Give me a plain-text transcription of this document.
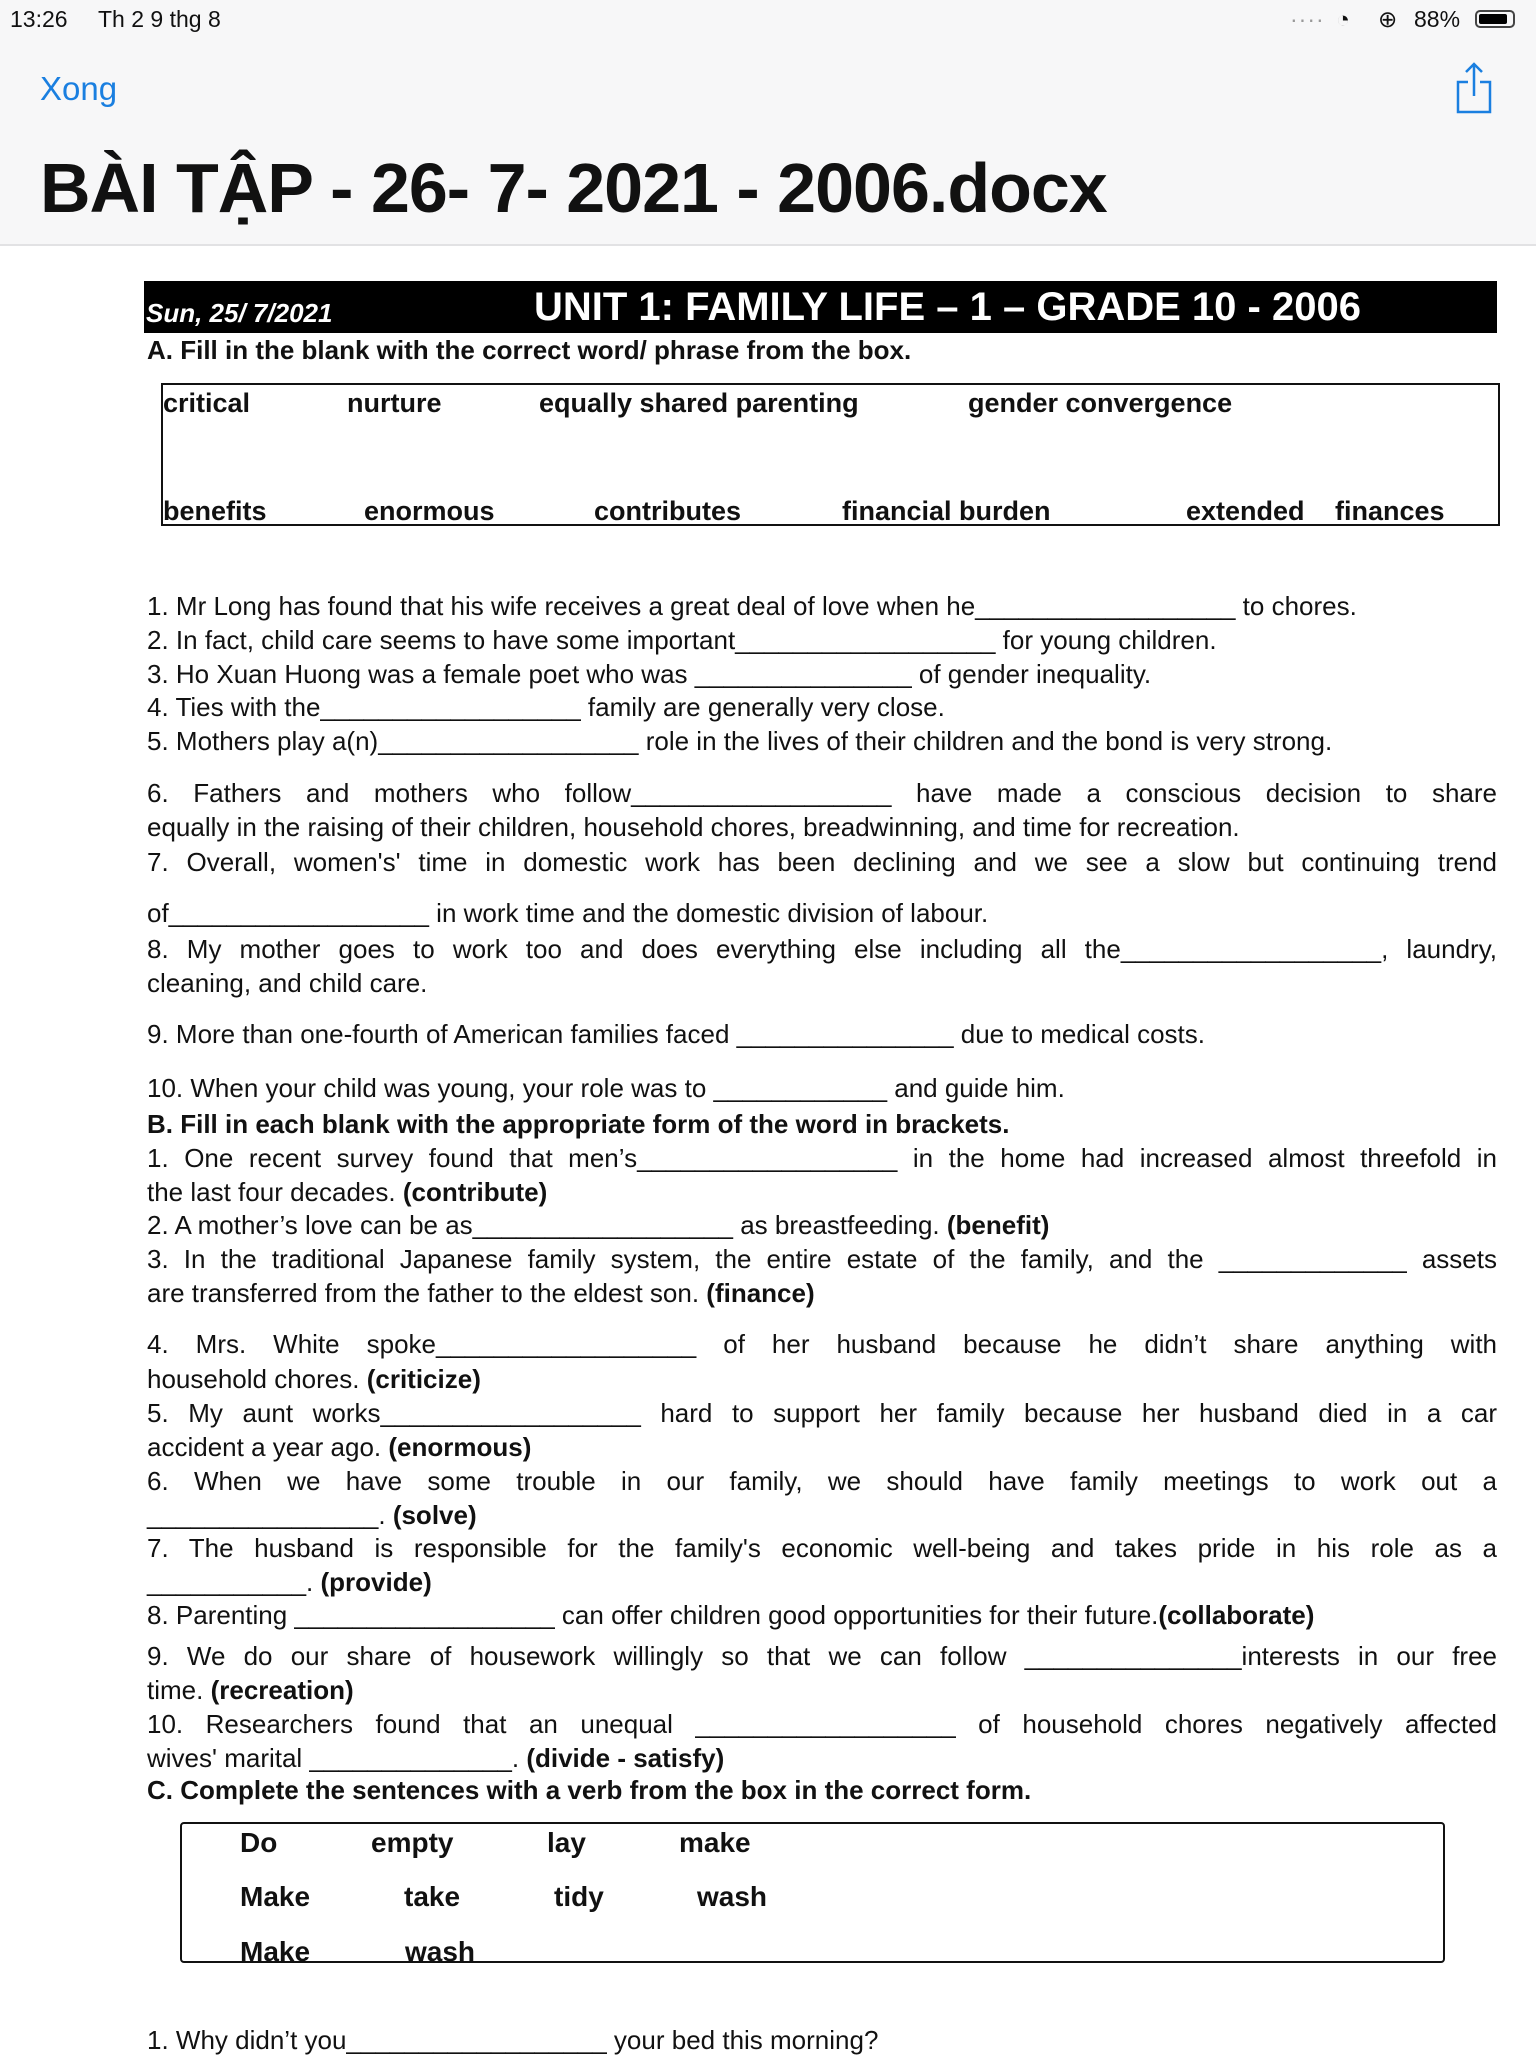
13:26 Th 2 9 thg 8	···· ◔ ⊕ 88%
Xong
BÀI TẬP - 26- 7- 2021 - 2006.docx
Sun, 25/ 7/2021	UNIT 1: FAMILY LIFE – 1 – GRADE 10 - 2006
critical	nurture	equally shared parenting	gender convergence
benefits	enormous	contributes	financial burden	extended finances
Do	empty	lay	make
Make	take	tidy	wash
Make	wash
A. Fill in the blank with the correct word/ phrase from the box.
1. Mr Long has found that his wife receives a great deal of love when he__________________ to chores.
2. In fact, child care seems to have some important__________________ for young children.
3. Ho Xuan Huong was a female poet who was _______________ of gender inequality.
4. Ties with the__________________ family are generally very close.
5. Mothers play a(n)__________________ role in the lives of their children and the bond is very strong.
6. Fathers and mothers who follow__________________ have made a conscious decision to share
equally in the raising of their children, household chores, breadwinning, and time for recreation.
7. Overall, women's' time in domestic work has been declining and we see a slow but continuing trend
of__________________ in work time and the domestic division of labour.
8. My mother goes to work too and does everything else including all the__________________, laundry,
cleaning, and child care.
9. More than one-fourth of American families faced _______________ due to medical costs.
10. When your child was young, your role was to ____________ and guide him.
B. Fill in each blank with the appropriate form of the word in brackets.
1. One recent survey found that men’s__________________ in the home had increased almost threefold in
the last four decades. (contribute)
2. A mother’s love can be as__________________ as breastfeeding. (benefit)
3. In the traditional Japanese family system, the entire estate of the family, and the _____________ assets
are transferred from the father to the eldest son. (finance)
4. Mrs. White spoke__________________ of her husband because he didn’t share anything with
household chores. (criticize)
5. My aunt works__________________ hard to support her family because her husband died in a car
accident a year ago. (enormous)
6. When we have some trouble in our family, we should have family meetings to work out a
________________. (solve)
7. The husband is responsible for the family's economic well-being and takes pride in his role as a
___________. (provide)
8. Parenting __________________ can offer children good opportunities for their future.(collaborate)
9. We do our share of housework willingly so that we can follow _______________interests in our free
time. (recreation)
10. Researchers found that an unequal __________________ of household chores negatively affected
wives' marital ______________. (divide - satisfy)
C. Complete the sentences with a verb from the box in the correct form.
1. Why didn’t you__________________ your bed this morning?
